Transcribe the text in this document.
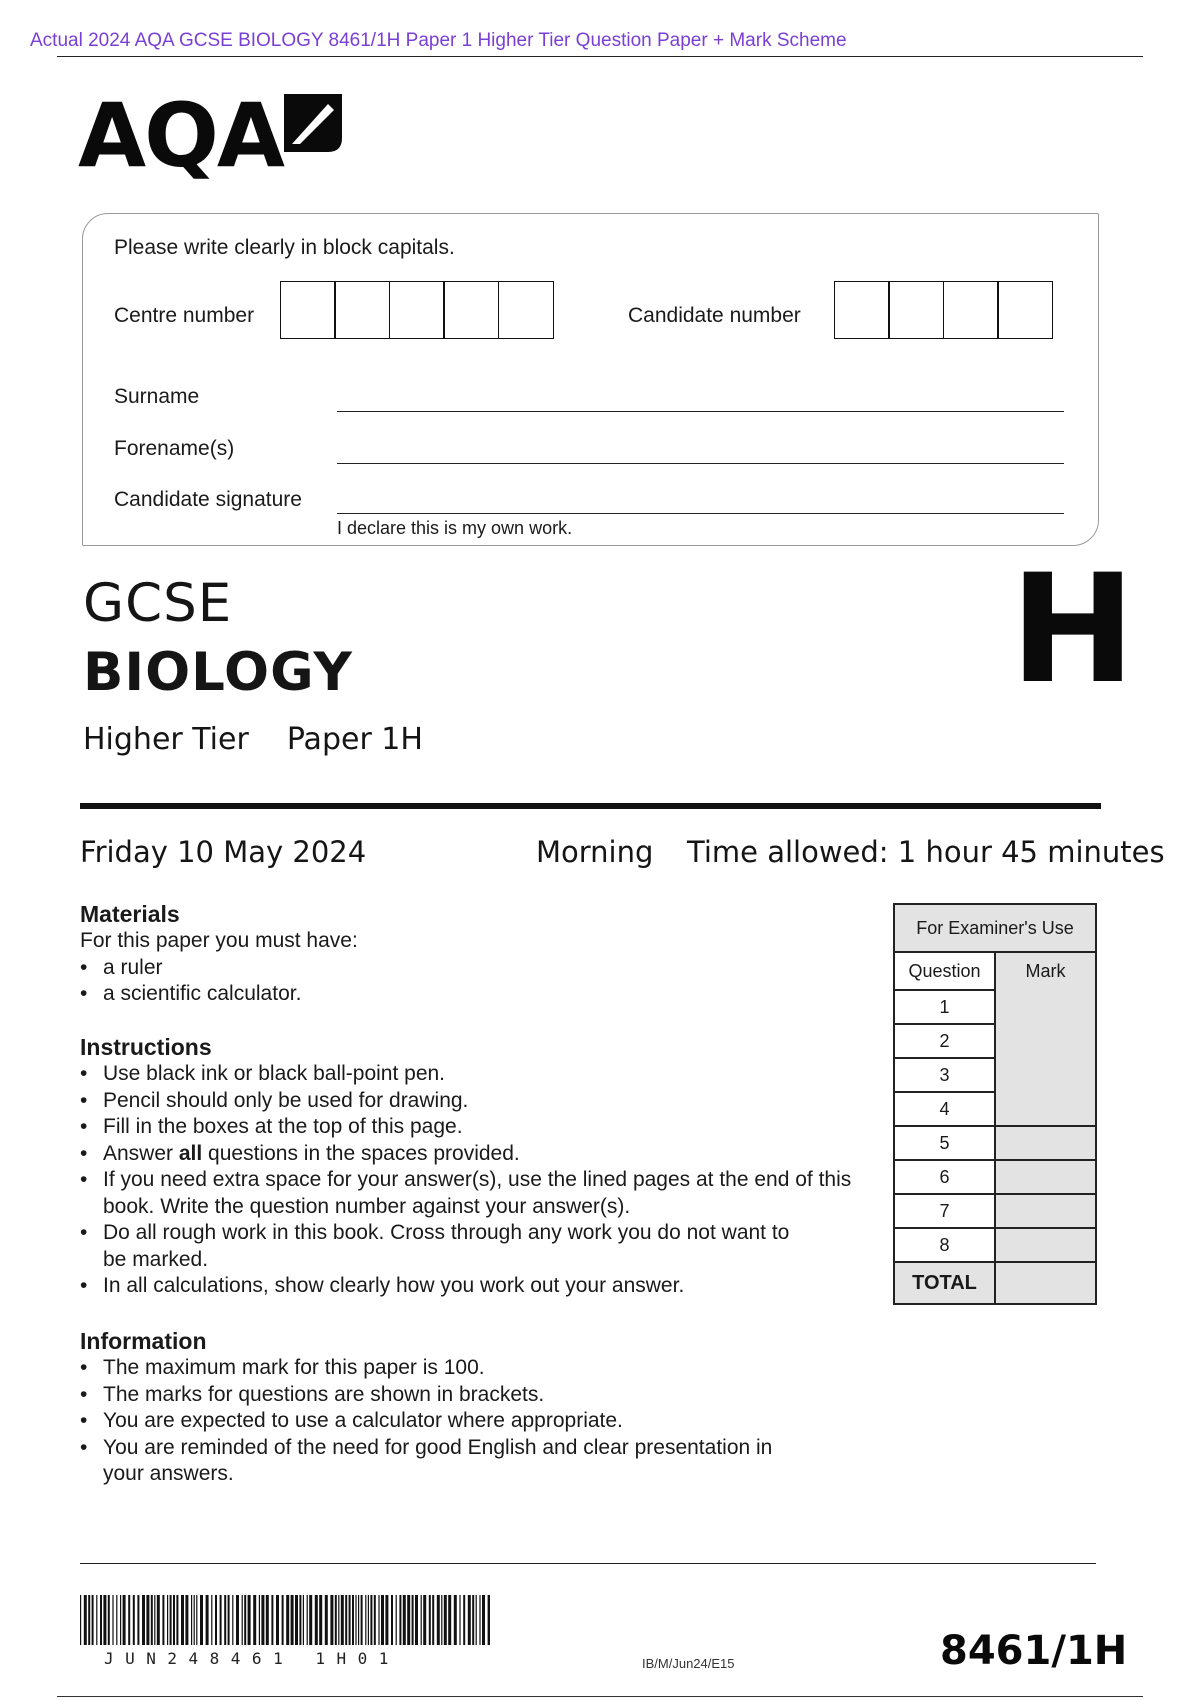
Actual 2024 AQA GCSE BIOLOGY 8461/1H Paper 1 Higher Tier Question Paper + Mark Scheme
AQA
Please write clearly in block capitals.
Centre number	Candidate number
Surname
Forename(s)
Candidate signature
I declare this is my own work.
GCSE
BIOLOGY
Higher Tier Paper 1H
H
Friday 10 May 2024	Morning Time allowed: 1 hour 45 minutes
Materials
For this paper you must have:
• a ruler
• a scientific calculator.
Instructions
• Use black ink or black ball-point pen.
• Pencil should only be used for drawing.
• Fill in the boxes at the top of this page.
• Answer all questions in the spaces provided.
• If you need extra space for your answer(s), use the lined pages at the end of this book. Write the question number against your answer(s).
• Do all rough work in this book. Cross through any work you do not want to be marked.
• In all calculations, show clearly how you work out your answer.
Information
• The maximum mark for this paper is 100.
• The marks for questions are shown in brackets.
• You are expected to use a calculator where appropriate.
• You are reminded of the need for good English and clear presentation in your answers.
For Examiner's Use	
Question	Mark
1	
2	
3	
4	
5	
6	
7	
8	
TOTAL	
JUN248461 1H01	IB/M/Jun24/E15	8461/1H
